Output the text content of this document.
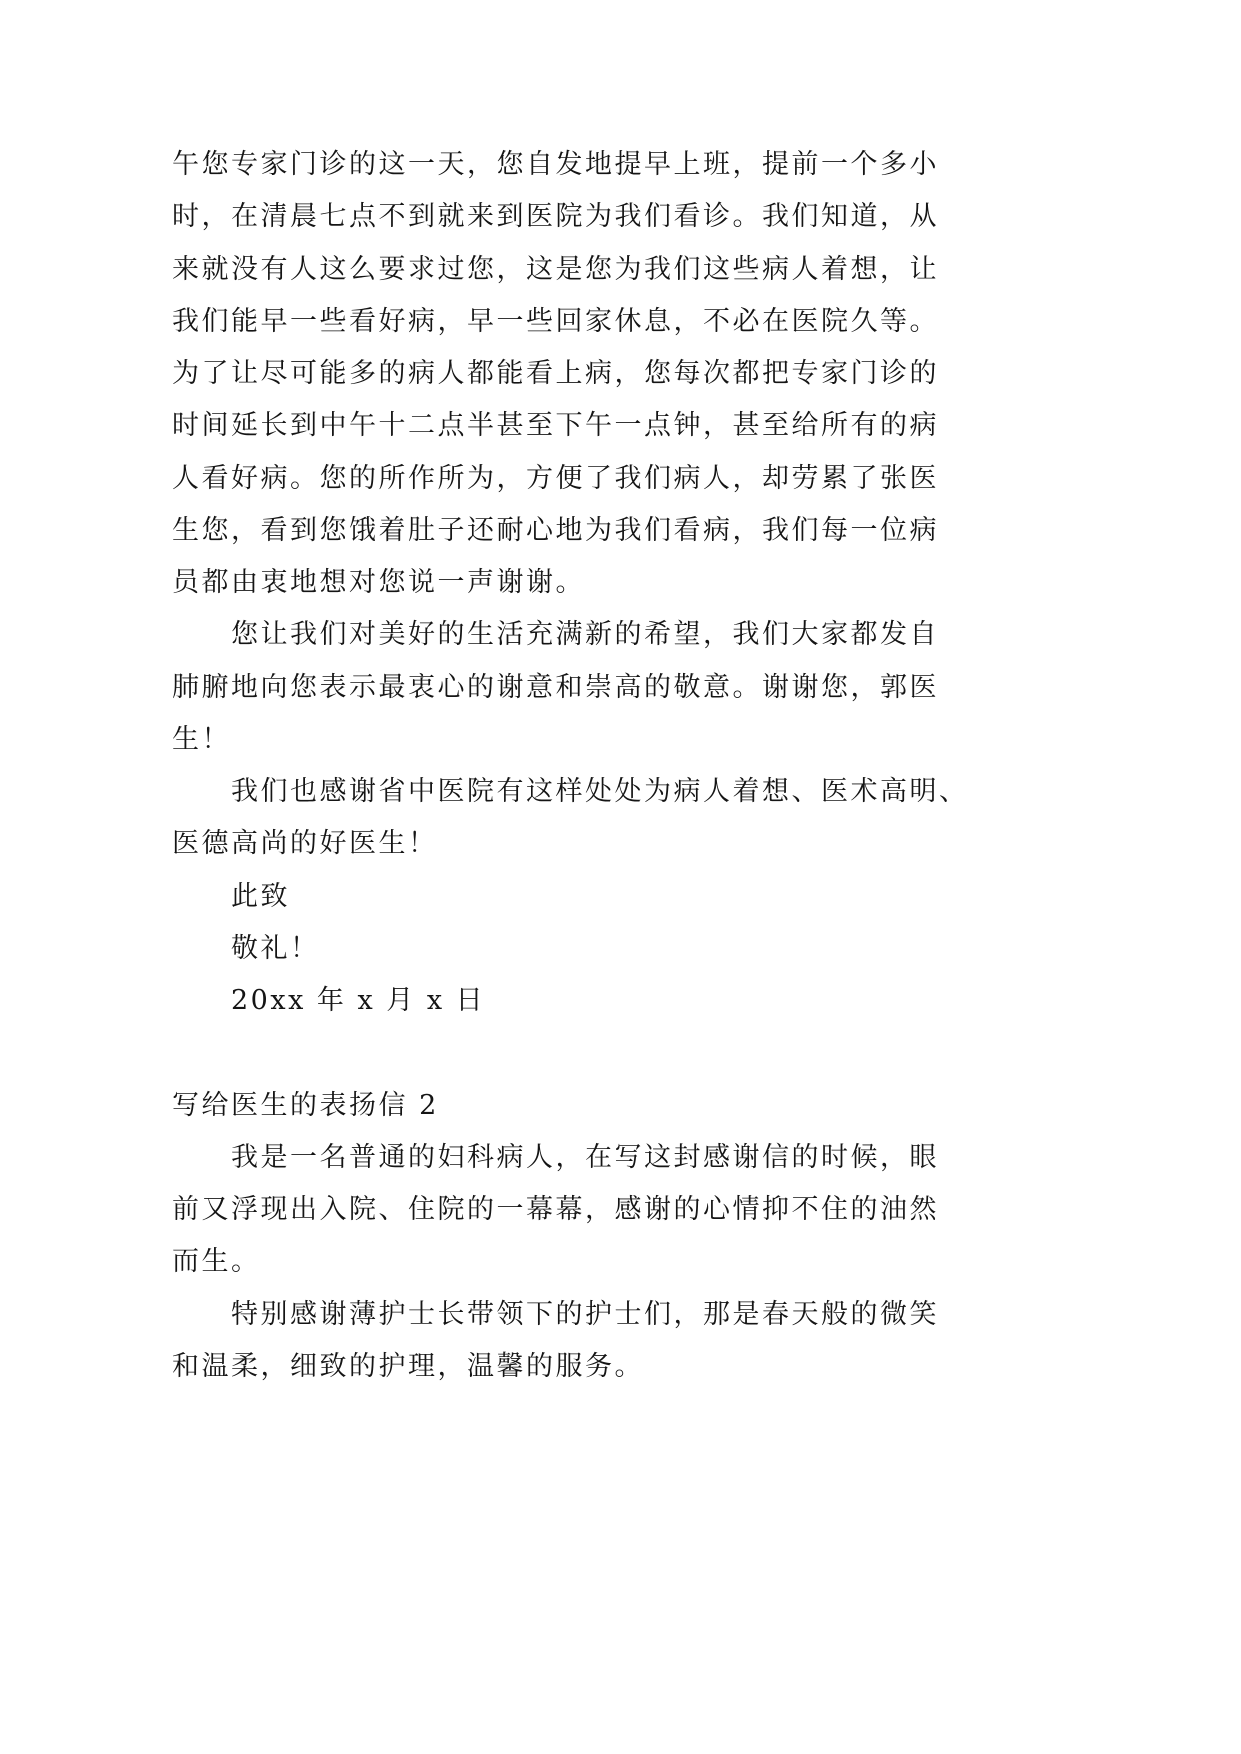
午您专家门诊的这一天，您自发地提早上班，提前一个多小
时，在清晨七点不到就来到医院为我们看诊。我们知道，从
来就没有人这么要求过您，这是您为我们这些病人着想，让
我们能早一些看好病，早一些回家休息，不必在医院久等。
为了让尽可能多的病人都能看上病，您每次都把专家门诊的
时间延长到中午十二点半甚至下午一点钟，甚至给所有的病
人看好病。您的所作所为，方便了我们病人，却劳累了张医
生您，看到您饿着肚子还耐心地为我们看病，我们每一位病
员都由衷地想对您说一声谢谢。
您让我们对美好的生活充满新的希望，我们大家都发自
肺腑地向您表示最衷心的谢意和崇高的敬意。谢谢您，郭医
生！
我们也感谢省中医院有这样处处为病人着想、医术高明、
医德高尚的好医生！
此致
敬礼！
20xx 年 x 月 x 日
写给医生的表扬信 2
我是一名普通的妇科病人，在写这封感谢信的时候，眼
前又浮现出入院、住院的一幕幕，感谢的心情抑不住的油然
而生。
特别感谢薄护士长带领下的护士们，那是春天般的微笑
和温柔，细致的护理，温馨的服务。
